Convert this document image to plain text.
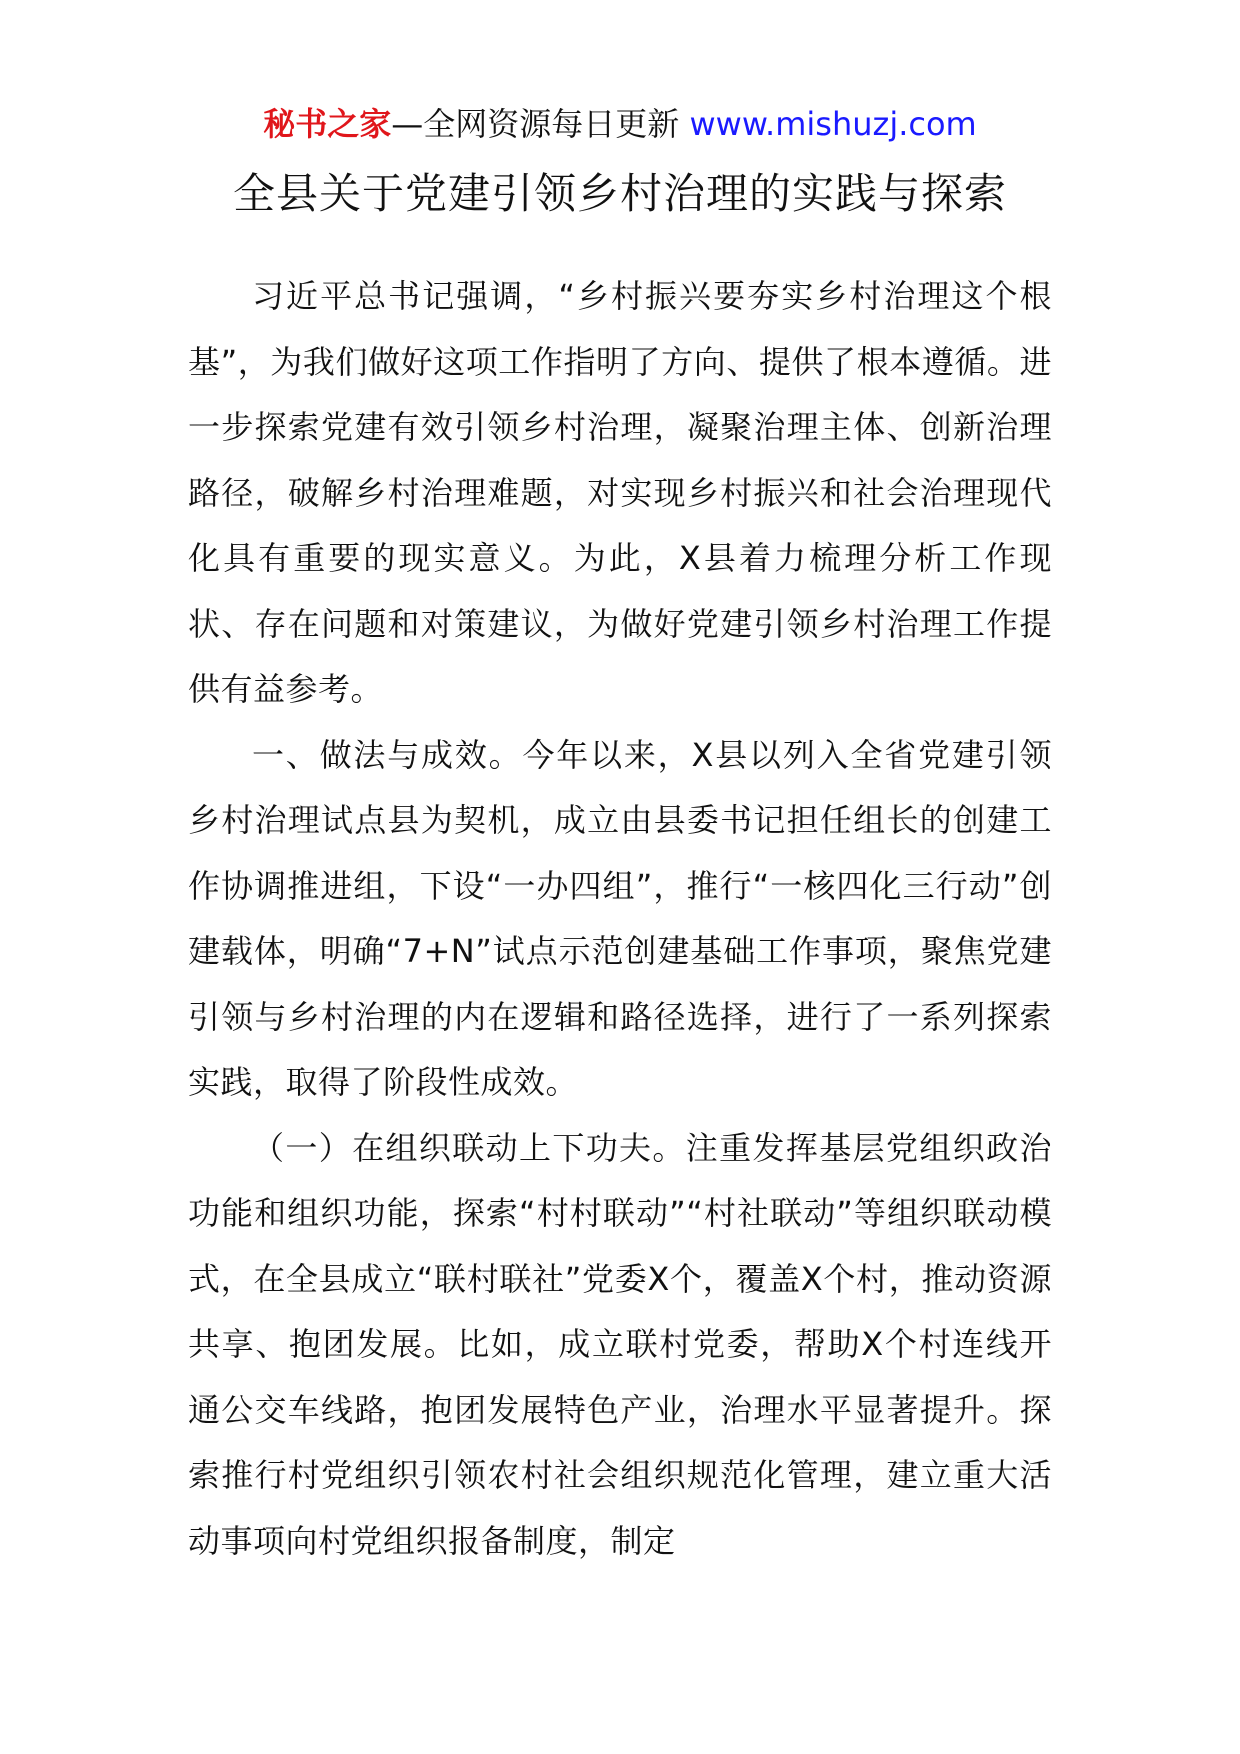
秘书之家—全网资源每日更新 www.mishuzj.com
全县关于党建引领乡村治理的实践与探索

习近平总书记强调，“乡村振兴要夯实乡村治理这个根基”，为我们做好这项工作指明了方向、提供了根本遵循。进一步探索党建有效引领乡村治理，凝聚治理主体、创新治理路径，破解乡村治理难题，对实现乡村振兴和社会治理现代化具有重要的现实意义。为此，X县着力梳理分析工作现状、存在问题和对策建议，为做好党建引领乡村治理工作提供有益参考。

一、做法与成效。今年以来，X县以列入全省党建引领乡村治理试点县为契机，成立由县委书记担任组长的创建工作协调推进组，下设“一办四组”，推行“一核四化三行动”创建载体，明确“7+N”试点示范创建基础工作事项，聚焦党建引领与乡村治理的内在逻辑和路径选择，进行了一系列探索实践，取得了阶段性成效。

（一）在组织联动上下功夫。注重发挥基层党组织政治功能和组织功能，探索“村村联动”“村社联动”等组织联动模式，在全县成立“联村联社”党委X个，覆盖X个村，推动资源共享、抱团发展。比如，成立联村党委，帮助X个村连线开通公交车线路，抱团发展特色产业，治理水平显著提升。探索推行村党组织引领农村社会组织规范化管理，建立重大活动事项向村党组织报备制度，制定
